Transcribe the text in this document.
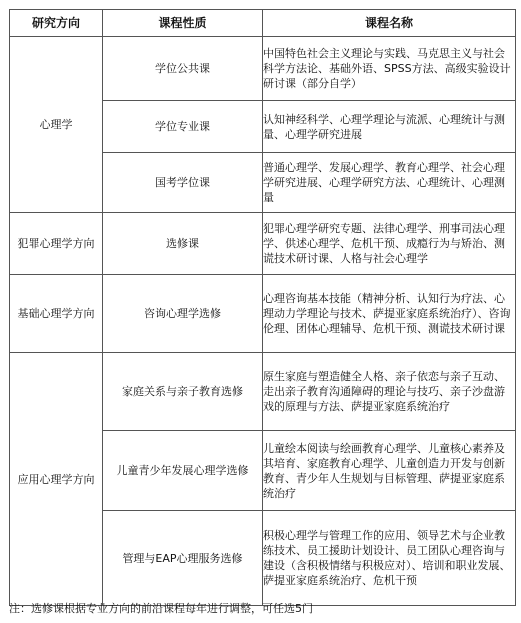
研究方向	课程性质	课程名称
心理学	学位公共课	中国特色社会主义理论与实践、马克思主义与社会科学方法论、基础外语、SPSS方法、高级实验设计研讨课（部分自学）
	学位专业课	认知神经科学、心理学理论与流派、心理统计与测量、心理学研究进展
	国考学位课	普通心理学、发展心理学、教育心理学、社会心理学研究进展、心理学研究方法、心理统计、心理测量
犯罪心理学方向	选修课	犯罪心理学研究专题、法律心理学、刑事司法心理学、供述心理学、危机干预、成瘾行为与矫治、测谎技术研讨课、人格与社会心理学
基础心理学方向	咨询心理学选修	心理咨询基本技能（精神分析、认知行为疗法、心理动力学理论与技术、萨提亚家庭系统治疗）、咨询伦理、团体心理辅导、危机干预、测谎技术研讨课
应用心理学方向	家庭关系与亲子教育选修	原生家庭与塑造健全人格、亲子依恋与亲子互动、走出亲子教育沟通障碍的理论与技巧、亲子沙盘游戏的原理与方法、萨提亚家庭系统治疗
	儿童青少年发展心理学选修	儿童绘本阅读与绘画教育心理学、儿童核心素养及其培育、家庭教育心理学、儿童创造力开发与创新教育、青少年人生规划与目标管理、萨提亚家庭系统治疗
	管理与EAP心理服务选修	积极心理学与管理工作的应用、领导艺术与企业教练技术、员工援助计划设计、员工团队心理咨询与建设（含积极情绪与积极应对）、培训和职业发展、萨提亚家庭系统治疗、危机干预
注：选修课根据专业方向的前沿课程每年进行调整，可任选5门
